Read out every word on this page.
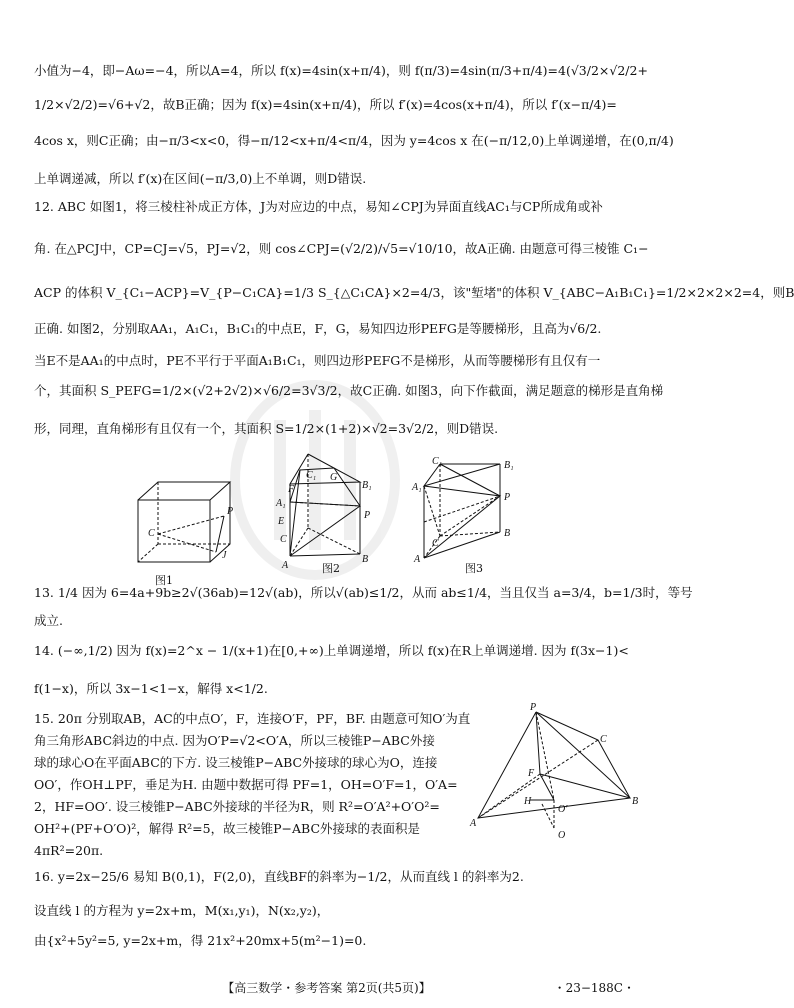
小值为−4，即−Aω=−4，所以A=4，所以 f(x)=4sin(x+π/4)，则 f(π/3)=4sin(π/3+π/4)=4(√3/2×√2/2+
1/2×√2/2)=√6+√2，故B正确；因为 f(x)=4sin(x+π/4)，所以 f′(x)=4cos(x+π/4)，所以 f′(x−π/4)=
4cos x，则C正确；由−π/3<x<0，得−π/12<x+π/4<π/4，因为 y=4cos x 在(−π/12,0)上单调递增，在(0,π/4)
上单调递减，所以 f′(x)在区间(−π/3,0)上不单调，则D错误.
12. ABC 如图1，将三棱柱补成正方体，J为对应边的中点，易知∠CPJ为异面直线AC₁与CP所成角或补
角. 在△PCJ中，CP=CJ=√5，PJ=√2，则 cos∠CPJ=(√2/2)/√5=√10/10，故A正确. 由题意可得三棱锥 C₁−
ACP 的体积 V_{C₁−ACP}=V_{P−C₁CA}=1/3 S_{△C₁CA}×2=4/3，该"堑堵"的体积 V_{ABC−A₁B₁C₁}=1/2×2×2×2=4，则B
正确. 如图2，分别取AA₁，A₁C₁，B₁C₁的中点E，F，G，易知四边形PEFG是等腰梯形，且高为√6/2.
当E不是AA₁的中点时，PE不平行于平面A₁B₁C₁，则四边形PEFG不是梯形，从而等腰梯形有且仅有一
个，其面积 S_PEFG=1/2×(√2+2√2)×√6/2=3√3/2，故C正确. 如图3，向下作截面，满足题意的梯形是直角梯
形，同理，直角梯形有且仅有一个，其面积 S=1/2×(1+2)×√2=3√2/2，则D错误.
C
P
J
图1
C₁ G
B₁
A₁
F
E
P
C
A
B
图2
C₁	B₁
A₁
P
C
A
B
图3
13. 1/4 因为 6=4a+9b≥2√(36ab)=12√(ab)，所以√(ab)≤1/2，从而 ab≤1/4，当且仅当 a=3/4，b=1/3时，等号
成立.
14. (−∞,1/2) 因为 f(x)=2^x − 1/(x+1)在[0,+∞)上单调递增，所以 f(x)在R上单调递增. 因为 f(3x−1)<
f(1−x)，所以 3x−1<1−x，解得 x<1/2.
15. 20π 分别取AB，AC的中点O′，F，连接O′F，PF，BF. 由题意可知O′为直
角三角形ABC斜边的中点. 因为O′P=√2<O′A，所以三棱锥P−ABC外接
球的球心O在平面ABC的下方. 设三棱锥P−ABC外接球的球心为O，连接
OO′，作OH⊥PF，垂足为H. 由题中数据可得 PF=1，OH=O′F=1，O′A=
2，HF=OO′. 设三棱锥P−ABC外接球的半径为R，则 R²=O′A²+O′O²=
OH²+(PF+O′O)²，解得 R²=5，故三棱锥P−ABC外接球的表面积是
4πR²=20π.
P
C
F
H
O′
B
A
O
16. y=2x−25/6 易知 B(0,1)，F(2,0)，直线BF的斜率为−1/2，从而直线 l 的斜率为2.
设直线 l 的方程为 y=2x+m，M(x₁,y₁)，N(x₂,y₂)，
由{x²+5y²=5, y=2x+m，得 21x²+20mx+5(m²−1)=0.
【高三数学・参考答案 第2页(共5页)】	・23−188C・
